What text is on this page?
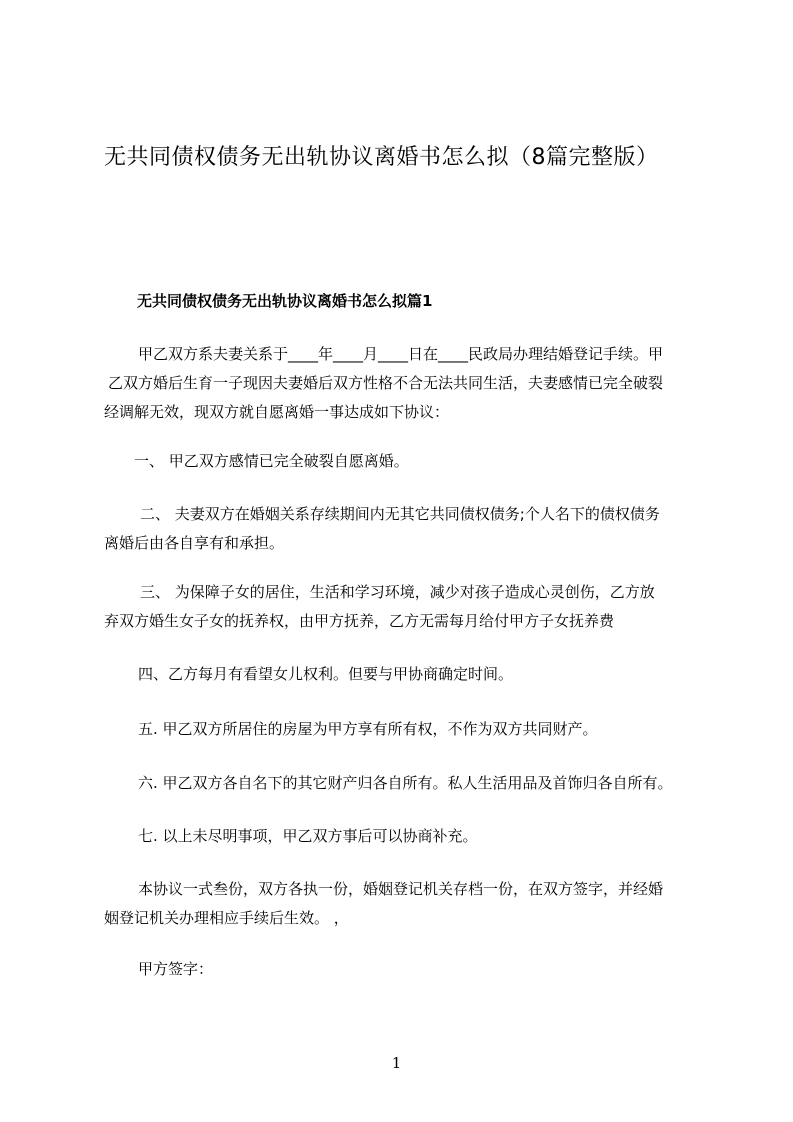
无共同债权债务无出轨协议离婚书怎么拟（8篇完整版）
无共同债权债务无出轨协议离婚书怎么拟篇1
甲乙双方系夫妻关系于____年____月____日在____民政局办理结婚登记手续。甲
乙双方婚后生育一子现因夫妻婚后双方性格不合无法共同生活，夫妻感情已完全破裂
经调解无效，现双方就自愿离婚一事达成如下协议：
一、 甲乙双方感情已完全破裂自愿离婚。
二、 夫妻双方在婚姻关系存续期间内无其它共同债权债务;个人名下的债权债务
离婚后由各自享有和承担。
三、 为保障子女的居住，生活和学习环境，减少对孩子造成心灵创伤，乙方放
弃双方婚生女子女的抚养权，由甲方抚养，乙方无需每月给付甲方子女抚养费
四、乙方每月有看望女儿权利。但要与甲协商确定时间。
五. 甲乙双方所居住的房屋为甲方享有所有权，不作为双方共同财产。
六. 甲乙双方各自名下的其它财产归各自所有。私人生活用品及首饰归各自所有。
七. 以上未尽明事项，甲乙双方事后可以协商补充。
本协议一式叁份，双方各执一份，婚姻登记机关存档一份，在双方签字，并经婚
姻登记机关办理相应手续后生效。 ，
甲方签字：
1
